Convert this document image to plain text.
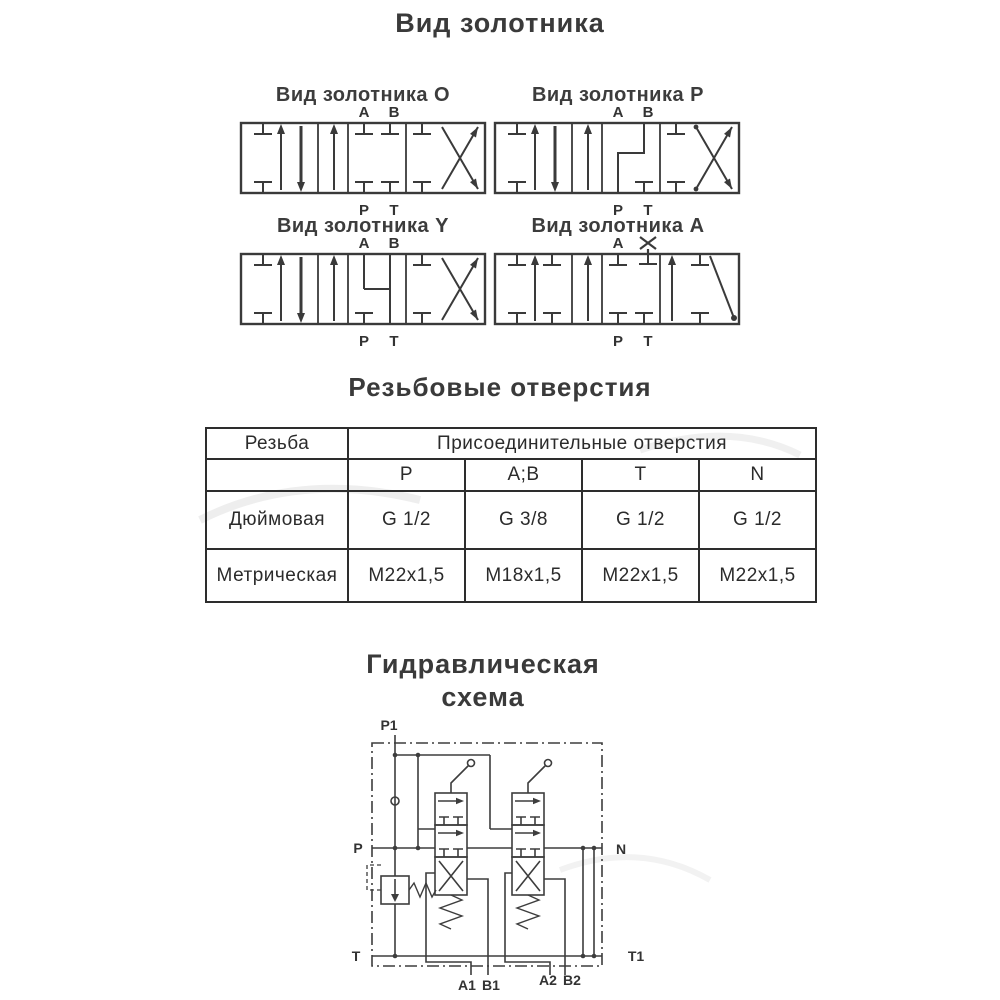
Вид золотника
Вид золотника O
A B
P T
Вид золотника P
A B
P T
Вид золотника Y
A B
P T
Вид золотника A
A
P T
Резьбовые отверстия
Резьба	Присоединительные отверстия			
	P	A;B	T	N
Дюймовая	G 1/2	G 3/8	G 1/2	G 1/2
Метрическая	M22x1,5	M18x1,5	M22x1,5	M22x1,5
Гидравлическая
схема
P1
P	N
T	T1
A1 B1	A2 B2
